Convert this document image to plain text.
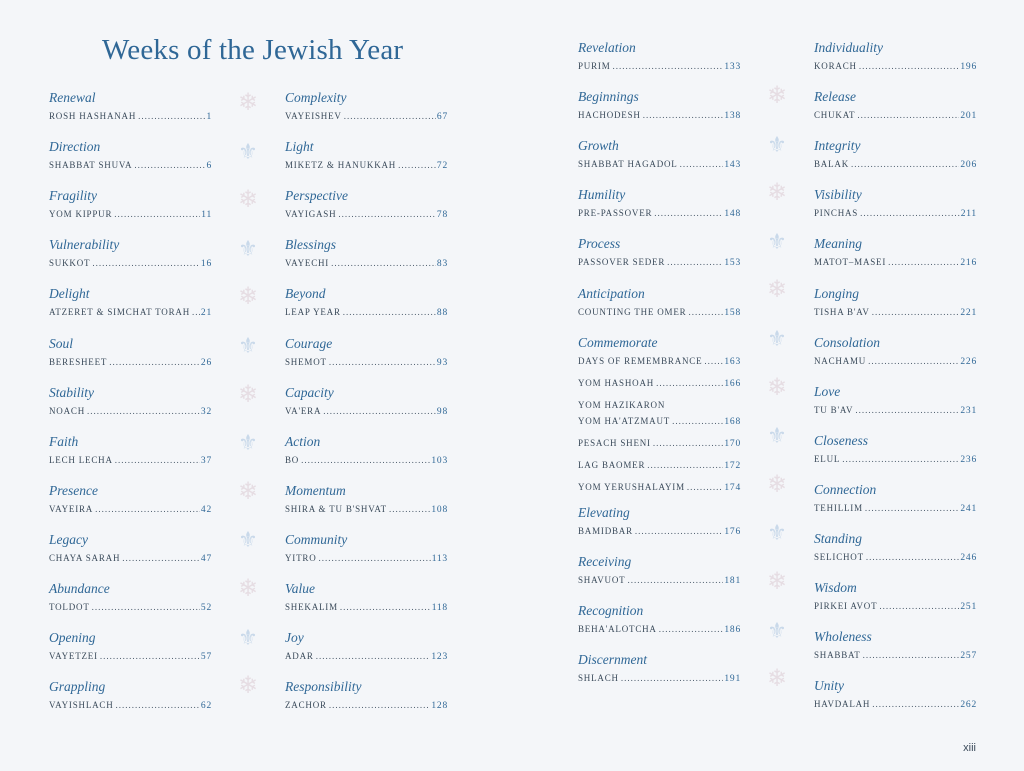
Weeks of the Jewish Year
Renewal
ROSH HASHANAH .....	1
Direction
SHABBAT SHUVA .....	6
Fragility
YOM KIPPUR .....	11
Vulnerability
SUKKOT .....	16
Delight
ATZERET & SIMCHAT TORAH ..... 21
Soul
BERESHEET .....	26
Stability
NOACH .....	32
Faith
LECH LECHA .....	37
Presence
VAYEIRA .....	42
Legacy
CHAYA SARAH .....	47
Abundance
TOLDOT .....	52
Opening
VAYETZEI .....	57
Grappling
VAYISHLACH .....	62
Complexity
VAYEISHEV .....	67
Light
MIKETZ & HANUKKAH .....	72
Perspective
VAYIGASH .....	78
Blessings
VAYECHI .....	83
Beyond
LEAP YEAR .....	88
Courage
SHEMOT .....	93
Capacity
VA'ERA .....	98
Action
BO .....	103
Momentum
SHIRA & TU B'SHVAT .....	108
Community
YITRO .....	113
Value
SHEKALIM .....	118
Joy
ADAR .....	123
Responsibility
ZACHOR .....	128
Revelation
PURIM .....	133
Beginnings
HACHODESH .....	138
Growth
SHABBAT HAGADOL .....	143
Humility
PRE-PASSOVER .....	148
Process
PASSOVER SEDER .....	153
Anticipation
COUNTING THE OMER .....	158
Commemorate
DAYS OF REMEMBRANCE ..... 163
YOM HASHOAH .....	166
YOM HAZIKARON
YOM HA'ATZMAUT .....	168
PESACH SHENI .....	170
LAG BAOMER .....	172
YOM YERUSHALAYIM .....	174
Elevating
BAMIDBAR .....	176
Receiving
SHAVUOT .....	181
Recognition
BEHA'ALOTCHA .....	186
Discernment
SHLACH .....	191
Individuality
KORACH .....	196
Release
CHUKAT .....	201
Integrity
BALAK .....	206
Visibility
PINCHAS .....	211
Meaning
MATOT–MASEI .....	216
Longing
TISHA B'AV .....	221
Consolation
NACHAMU .....	226
Love
TU B'AV .....	231
Closeness
ELUL .....	236
Connection
TEHILLIM .....	241
Standing
SELICHOT .....	246
Wisdom
PIRKEI AVOT .....	251
Wholeness
SHABBAT .....	257
Unity
HAVDALAH .....	262
❄
⚜
❄
⚜
❄
⚜
❄
⚜
❄
⚜
❄
⚜
❄
❄
⚜
❄
⚜
❄
⚜
❄
⚜
❄
⚜
❄
⚜
❄
xiii
